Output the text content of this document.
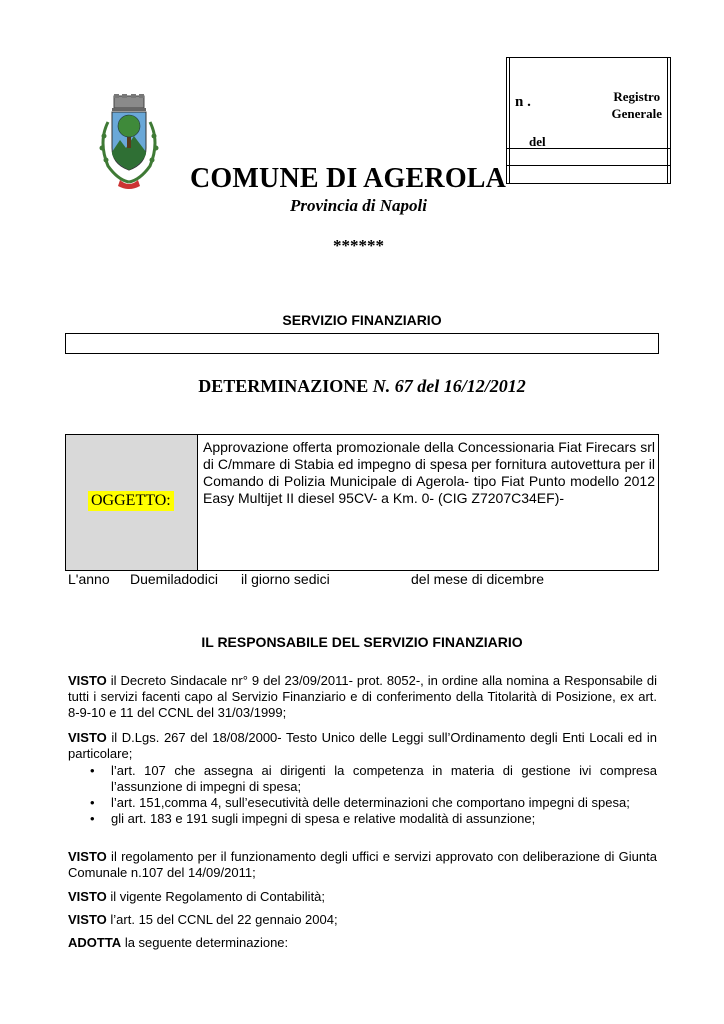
n .	Registro
Generale
del
COMUNE DI AGEROLA
Provincia di Napoli
******
SERVIZIO FINANZIARIO
DETERMINAZIONE N. 67 del 16/12/2012
OGGETTO:
Approvazione offerta promozionale della Concessionaria Fiat Firecars srl di C/mmare di Stabia ed impegno di spesa per fornitura autovettura per il Comando di Polizia Municipale di Agerola- tipo Fiat Punto modello 2012 Easy Multijet II diesel 95CV- a Km. 0- (CIG Z7207C34EF)-
L'anno Duemiladodici il giorno sedici	del mese di dicembre
IL RESPONSABILE DEL SERVIZIO FINANZIARIO
VISTO il Decreto Sindacale nr° 9 del 23/09/2011- prot. 8052-, in ordine alla nomina a Responsabile di tutti i servizi facenti capo al Servizio Finanziario e di conferimento della Titolarità di Posizione, ex art. 8-9-10 e 11 del CCNL del 31/03/1999;
VISTO il D.Lgs. 267 del 18/08/2000- Testo Unico delle Leggi sull’Ordinamento degli Enti Locali ed in particolare;
• l’art. 107 che assegna ai dirigenti la competenza in materia di gestione ivi compresa l’assunzione di impegni di spesa;
• l’art. 151,comma 4, sull’esecutività delle determinazioni che comportano impegni di spesa;
• gli art. 183 e 191 sugli impegni di spesa e relative modalità di assunzione;
VISTO il regolamento per il funzionamento degli uffici e servizi approvato con deliberazione di Giunta Comunale n.107 del 14/09/2011;
VISTO il vigente Regolamento di Contabilità;
VISTO l’art. 15 del CCNL del 22 gennaio 2004;
ADOTTA la seguente determinazione:
